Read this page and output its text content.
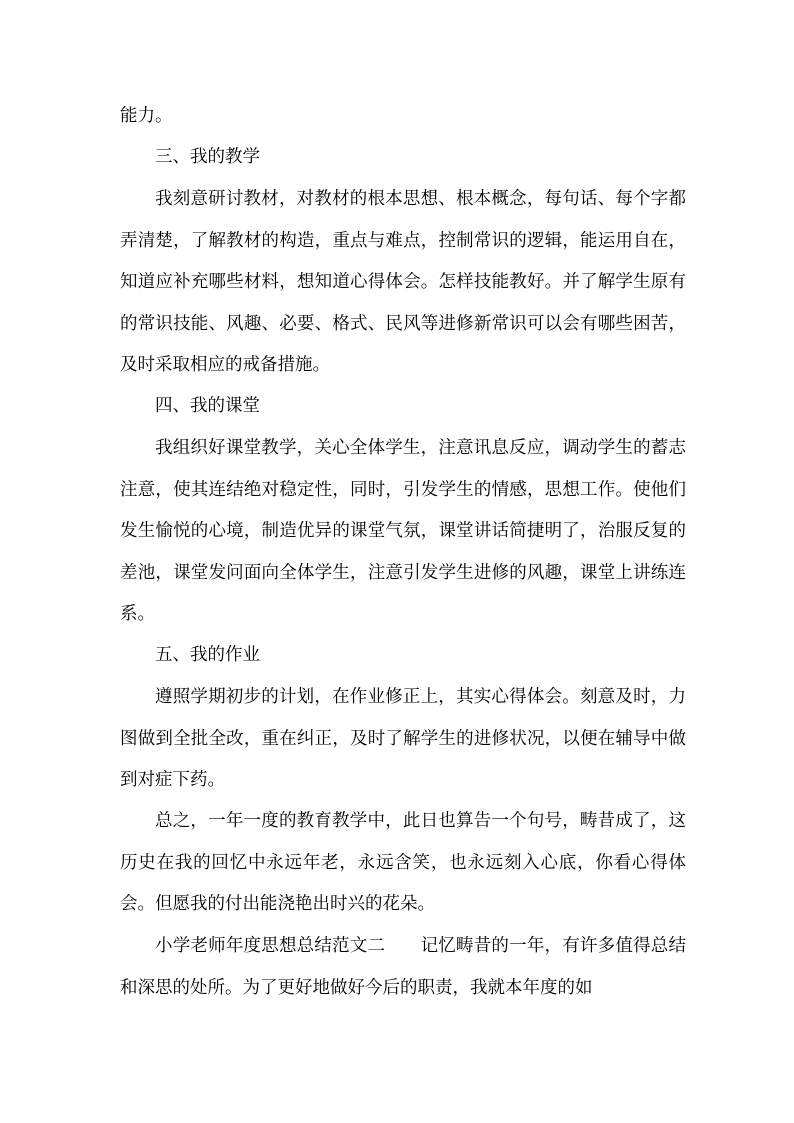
能力。

三、我的教学

我刻意研讨教材，对教材的根本思想、根本概念，每句话、每个字都弄清楚，了解教材的构造，重点与难点，控制常识的逻辑，能运用自在，知道应补充哪些材料，想知道心得体会。怎样技能教好。并了解学生原有的常识技能、风趣、必要、格式、民风等进修新常识可以会有哪些困苦，及时采取相应的戒备措施。

四、我的课堂

我组织好课堂教学，关心全体学生，注意讯息反应，调动学生的蓄志注意，使其连结绝对稳定性，同时，引发学生的情感，思想工作。使他们发生愉悦的心境，制造优异的课堂气氛，课堂讲话简捷明了，治服反复的差池，课堂发问面向全体学生，注意引发学生进修的风趣，课堂上讲练连系。

五、我的作业

遵照学期初步的计划，在作业修正上，其实心得体会。刻意及时，力图做到全批全改，重在纠正，及时了解学生的进修状况，以便在辅导中做到对症下药。

总之，一年一度的教育教学中，此日也算告一个句号，畴昔成了，这历史在我的回忆中永远年老，永远含笑，也永远刻入心底，你看心得体会。但愿我的付出能浇艳出时兴的花朵。

小学老师年度思想总结范文二　　记忆畴昔的一年，有许多值得总结和深思的处所。为了更好地做好今后的职责，我就本年度的如
